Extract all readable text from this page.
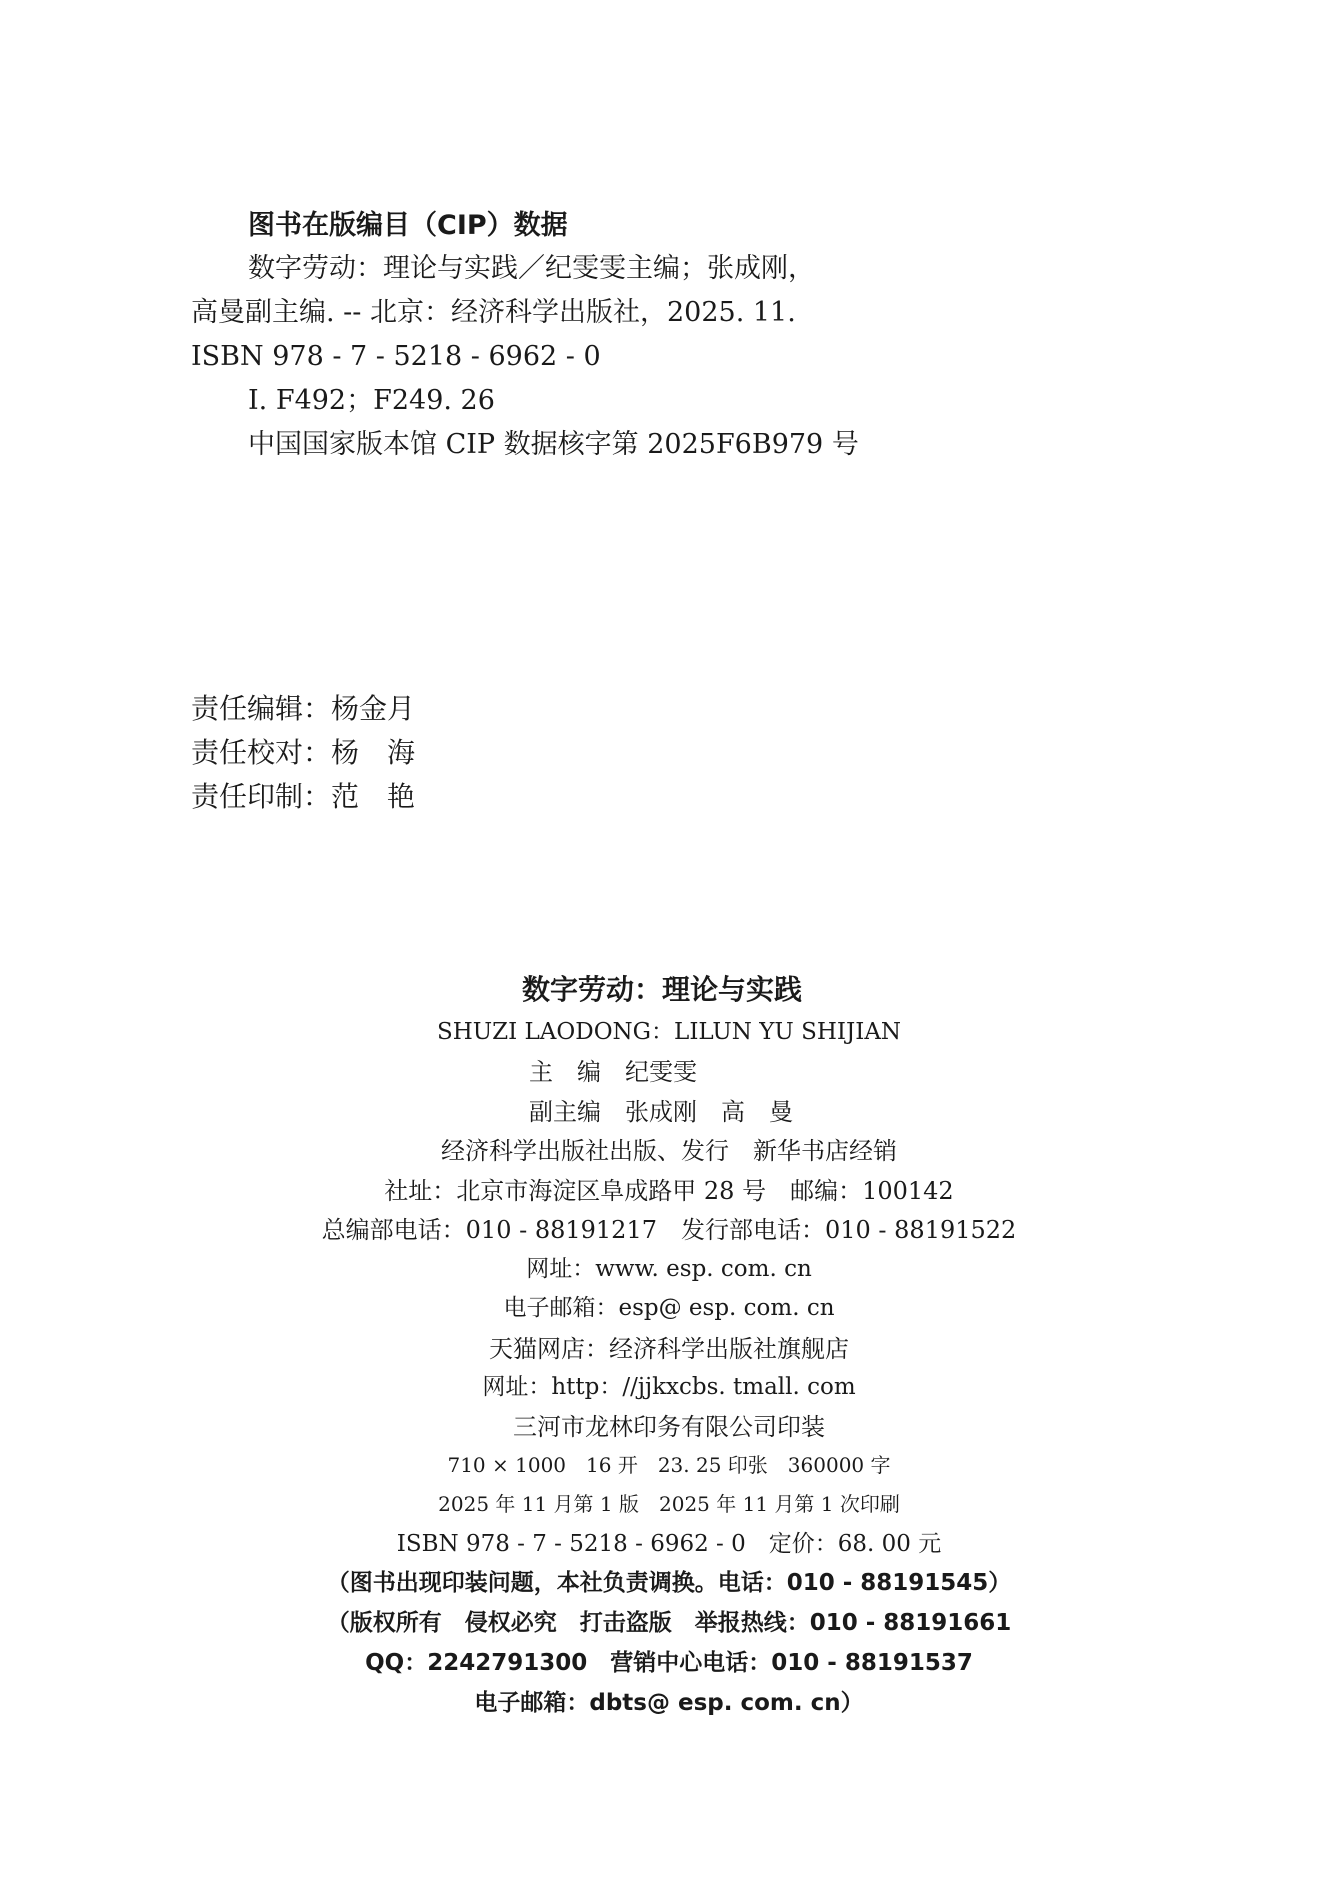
图书在版编目（CIP）数据
数字劳动：理论与实践／纪雯雯主编；张成刚，
高曼副主编. -- 北京：经济科学出版社，2025. 11.
ISBN 978 - 7 - 5218 - 6962 - 0
Ⅰ. F492；F249. 26
中国国家版本馆 CIP 数据核字第 2025F6B979 号
责任编辑：杨金月
责任校对：杨　海
责任印制：范　艳
数字劳动：理论与实践
SHUZI LAODONG：LILUN YU SHIJIAN
主　编　纪雯雯
副主编　张成刚　高　曼
经济科学出版社出版、发行　新华书店经销
社址：北京市海淀区阜成路甲 28 号　邮编：100142
总编部电话：010 - 88191217　发行部电话：010 - 88191522
网址：www. esp. com. cn
电子邮箱：esp@ esp. com. cn
天猫网店：经济科学出版社旗舰店
网址：http：//jjkxcbs. tmall. com
三河市龙林印务有限公司印装
710 × 1000　16 开　23. 25 印张　360000 字
2025 年 11 月第 1 版　2025 年 11 月第 1 次印刷
ISBN 978 - 7 - 5218 - 6962 - 0　定价：68. 00 元
（图书出现印装问题，本社负责调换。电话：010 - 88191545）
（版权所有　侵权必究　打击盗版　举报热线：010 - 88191661
QQ：2242791300　营销中心电话：010 - 88191537
电子邮箱：dbts@ esp. com. cn）
